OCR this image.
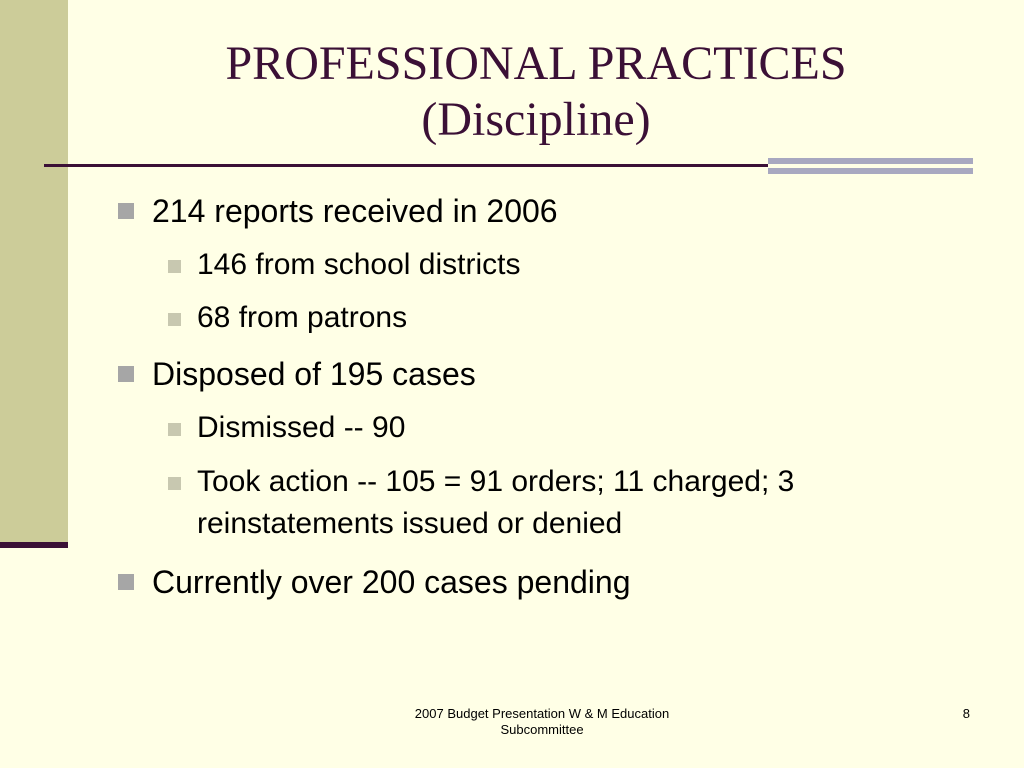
PROFESSIONAL PRACTICES
(Discipline)
214 reports received in 2006
146 from school districts
68 from patrons
Disposed of 195 cases
Dismissed -- 90
Took action -- 105 = 91 orders; 11 charged; 3 reinstatements issued or denied
Currently over 200 cases pending
2007 Budget Presentation W & M Education Subcommittee
8
